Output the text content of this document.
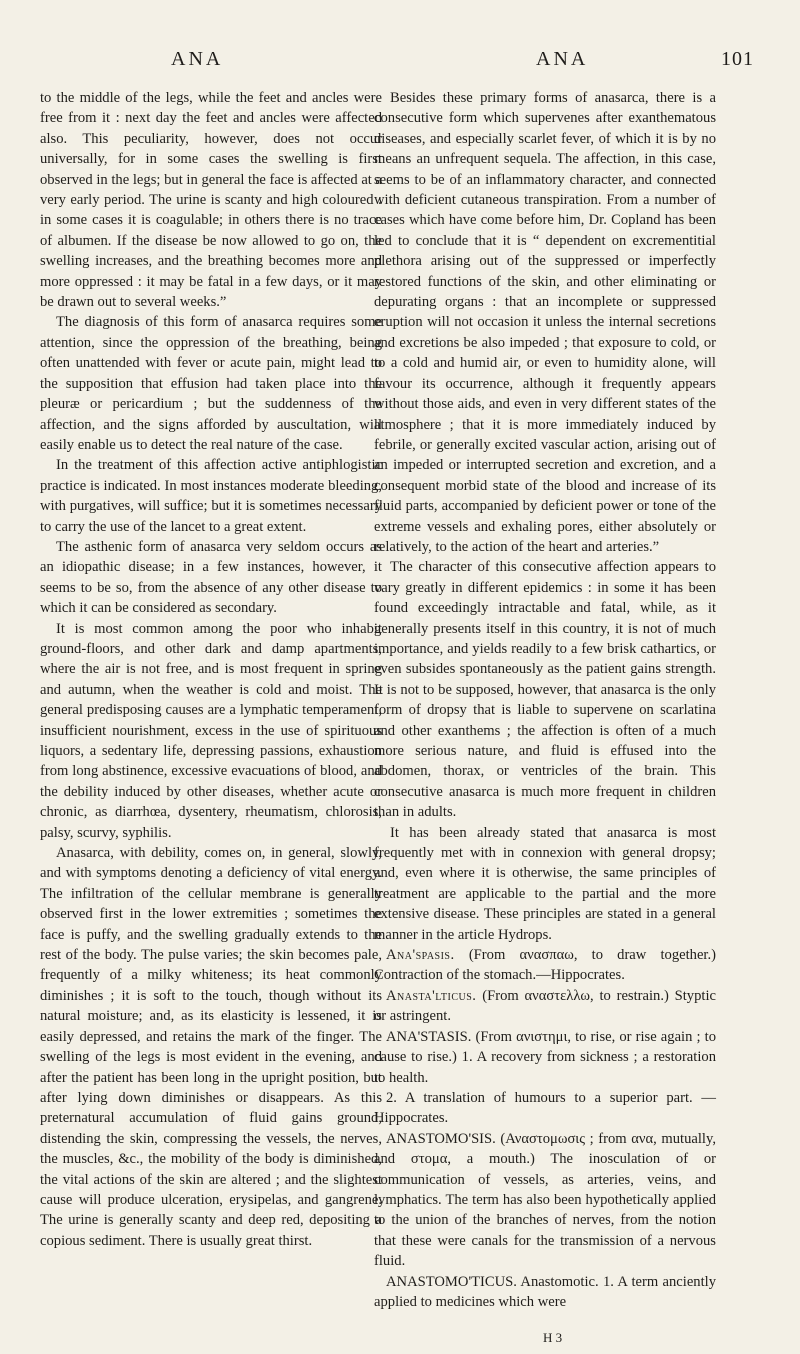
ANA	ANA	101

to the middle of the legs, while the feet and ancles were free from it : next day the feet and ancles were affected also. This peculiarity, however, does not occur universally, for in some cases the swelling is first observed in the legs; but in general the face is affected at a very early period. The urine is scanty and high coloured : in some cases it is coagulable; in others there is no trace of albumen. If the disease be now allowed to go on, the swelling increases, and the breathing becomes more and more oppressed : it may be fatal in a few days, or it may be drawn out to several weeks.”

The diagnosis of this form of anasarca requires some attention, since the oppression of the breathing, being often unattended with fever or acute pain, might lead to the supposition that effusion had taken place into the pleuræ or pericardium ; but the suddenness of the affection, and the signs afforded by auscultation, will easily enable us to detect the real nature of the case.

In the treatment of this affection active antiphlogistic practice is indicated. In most instances moderate bleeding, with purgatives, will suffice; but it is sometimes necessary to carry the use of the lancet to a great extent.

The asthenic form of anasarca very seldom occurs as an idiopathic disease; in a few instances, however, it seems to be so, from the absence of any other disease to which it can be considered as secondary.

It is most common among the poor who inhabit ground-floors, and other dark and damp apartments, where the air is not free, and is most frequent in spring and autumn, when the weather is cold and moist. The general predisposing causes are a lymphatic temperament, insufficient nourishment, excess in the use of spirituous liquors, a sedentary life, depressing passions, exhaustion from long abstinence, excessive evacuations of blood, and the debility induced by other diseases, whether acute or chronic, as diarrhœa, dysentery, rheumatism, chlorosis, palsy, scurvy, syphilis.

Anasarca, with debility, comes on, in general, slowly, and with symptoms denoting a deficiency of vital energy. The infiltration of the cellular membrane is generally observed first in the lower extremities ; sometimes the face is puffy, and the swelling gradually extends to the rest of the body. The pulse varies; the skin becomes pale, frequently of a milky whiteness; its heat commonly diminishes ; it is soft to the touch, though without its natural moisture; and, as its elasticity is lessened, it is easily depressed, and retains the mark of the finger. The swelling of the legs is most evident in the evening, and after the patient has been long in the upright position, but after lying down diminishes or disappears. As this preternatural accumulation of fluid gains ground, distending the skin, compressing the vessels, the nerves, the muscles, &c., the mobility of the body is diminished, the vital actions of the skin are altered ; and the slightest cause will produce ulceration, erysipelas, and gangrene. The urine is generally scanty and deep red, depositing a copious sediment. There is usually great thirst.

Besides these primary forms of anasarca, there is a consecutive form which supervenes after exanthematous diseases, and especially scarlet fever, of which it is by no means an unfrequent sequela. The affection, in this case, seems to be of an inflammatory character, and connected with deficient cutaneous transpiration. From a number of cases which have come before him, Dr. Copland has been led to conclude that it is “ dependent on excrementitial plethora arising out of the suppressed or imperfectly restored functions of the skin, and other eliminating or depurating organs : that an incomplete or suppressed eruption will not occasion it unless the internal secretions and excretions be also impeded ; that exposure to cold, or to a cold and humid air, or even to humidity alone, will favour its occurrence, although it frequently appears without those aids, and even in very different states of the atmosphere ; that it is more immediately induced by febrile, or generally excited vascular action, arising out of an impeded or interrupted secretion and excretion, and a consequent morbid state of the blood and increase of its fluid parts, accompanied by deficient power or tone of the extreme vessels and exhaling pores, either absolutely or relatively, to the action of the heart and arteries.”

The character of this consecutive affection appears to vary greatly in different epidemics : in some it has been found exceedingly intractable and fatal, while, as it generally presents itself in this country, it is not of much importance, and yields readily to a few brisk cathartics, or even subsides spontaneously as the patient gains strength. It is not to be supposed, however, that anasarca is the only form of dropsy that is liable to supervene on scarlatina and other exanthems ; the affection is often of a much more serious nature, and fluid is effused into the abdomen, thorax, or ventricles of the brain. This consecutive anasarca is much more frequent in children than in adults.

It has been already stated that anasarca is most frequently met with in connexion with general dropsy; and, even where it is otherwise, the same principles of treatment are applicable to the partial and the more extensive disease. These principles are stated in a general manner in the article Hydrops.

Ana'spasis. (From ανασπαω, to draw together.) Contraction of the stomach.—Hippocrates.

Anasta'lticus. (From αναστελλω, to restrain.) Styptic or astringent.

ANA'STASIS. (From ανιστημι, to rise, or rise again ; to cause to rise.) 1. A recovery from sickness ; a restoration to health.

2. A translation of humours to a superior part. — Hippocrates.

ANASTOMO'SIS. (Αναστομωσις ; from ανα, mutually, and στομα, a mouth.) The inosculation of or communication of vessels, as arteries, veins, and lymphatics. The term has also been hypothetically applied to the union of the branches of nerves, from the notion that these were canals for the transmission of a nervous fluid.

ANASTOMO'TICUS. Anastomotic. 1. A term anciently applied to medicines which were

H 3
